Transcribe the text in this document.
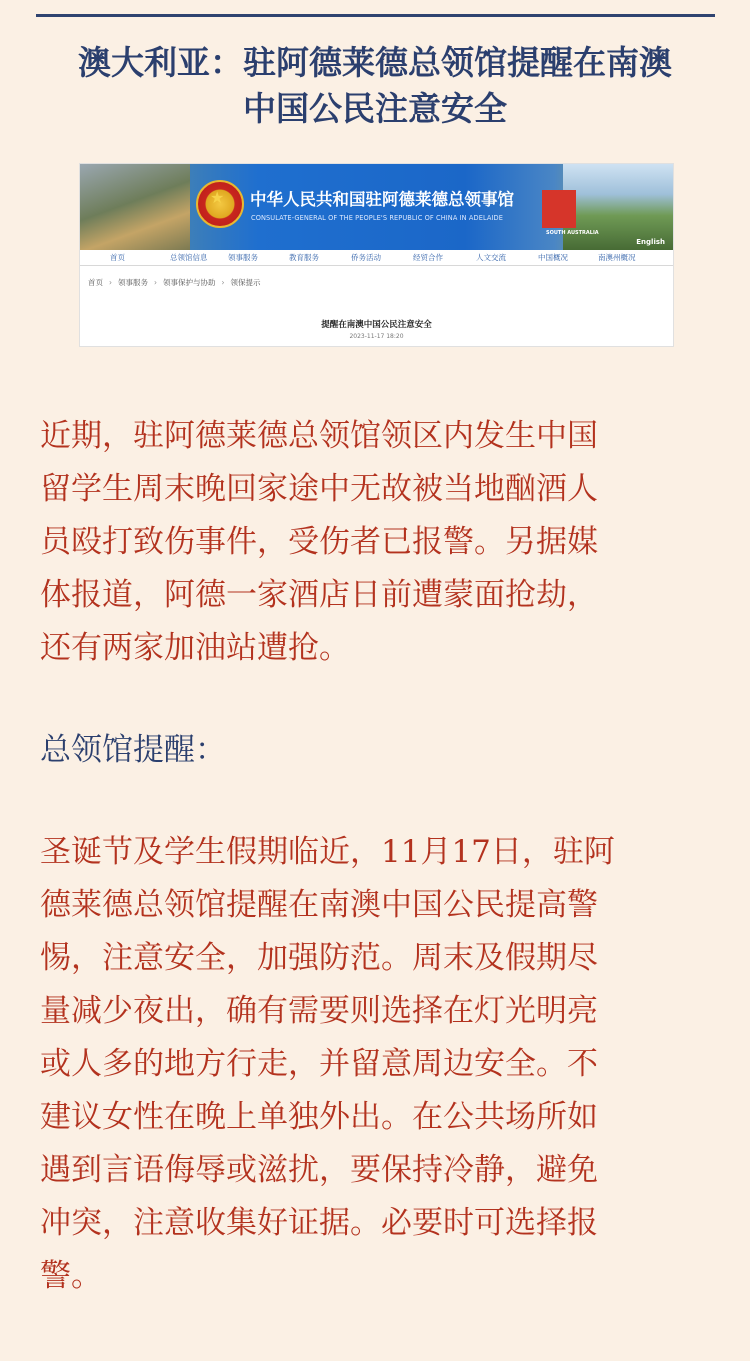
澳大利亚：驻阿德莱德总领馆提醒在南澳
中国公民注意安全
★ 中华人民共和国驻阿德莱德总领事馆
CONSULATE-GENERAL OF THE PEOPLE'S REPUBLIC OF CHINA IN ADELAIDE
SOUTH AUSTRALIA
English
首页	总领馆信息	领事服务	教育服务	侨务活动	经贸合作	人文交流	中国概况	南澳州概况
首页 › 领事服务 › 领事保护与协助 › 领保提示
提醒在南澳中国公民注意安全
2023-11-17 18:20
近期，驻阿德莱德总领馆领区内发生中国
留学生周末晚回家途中无故被当地酗酒人
员殴打致伤事件，受伤者已报警。另据媒
体报道，阿德一家酒店日前遭蒙面抢劫，
还有两家加油站遭抢。
总领馆提醒：
圣诞节及学生假期临近，11月17日，驻阿
德莱德总领馆提醒在南澳中国公民提高警
惕，注意安全，加强防范。周末及假期尽
量减少夜出，确有需要则选择在灯光明亮
或人多的地方行走，并留意周边安全。不
建议女性在晚上单独外出。在公共场所如
遇到言语侮辱或滋扰，要保持冷静，避免
冲突，注意收集好证据。必要时可选择报
警。
